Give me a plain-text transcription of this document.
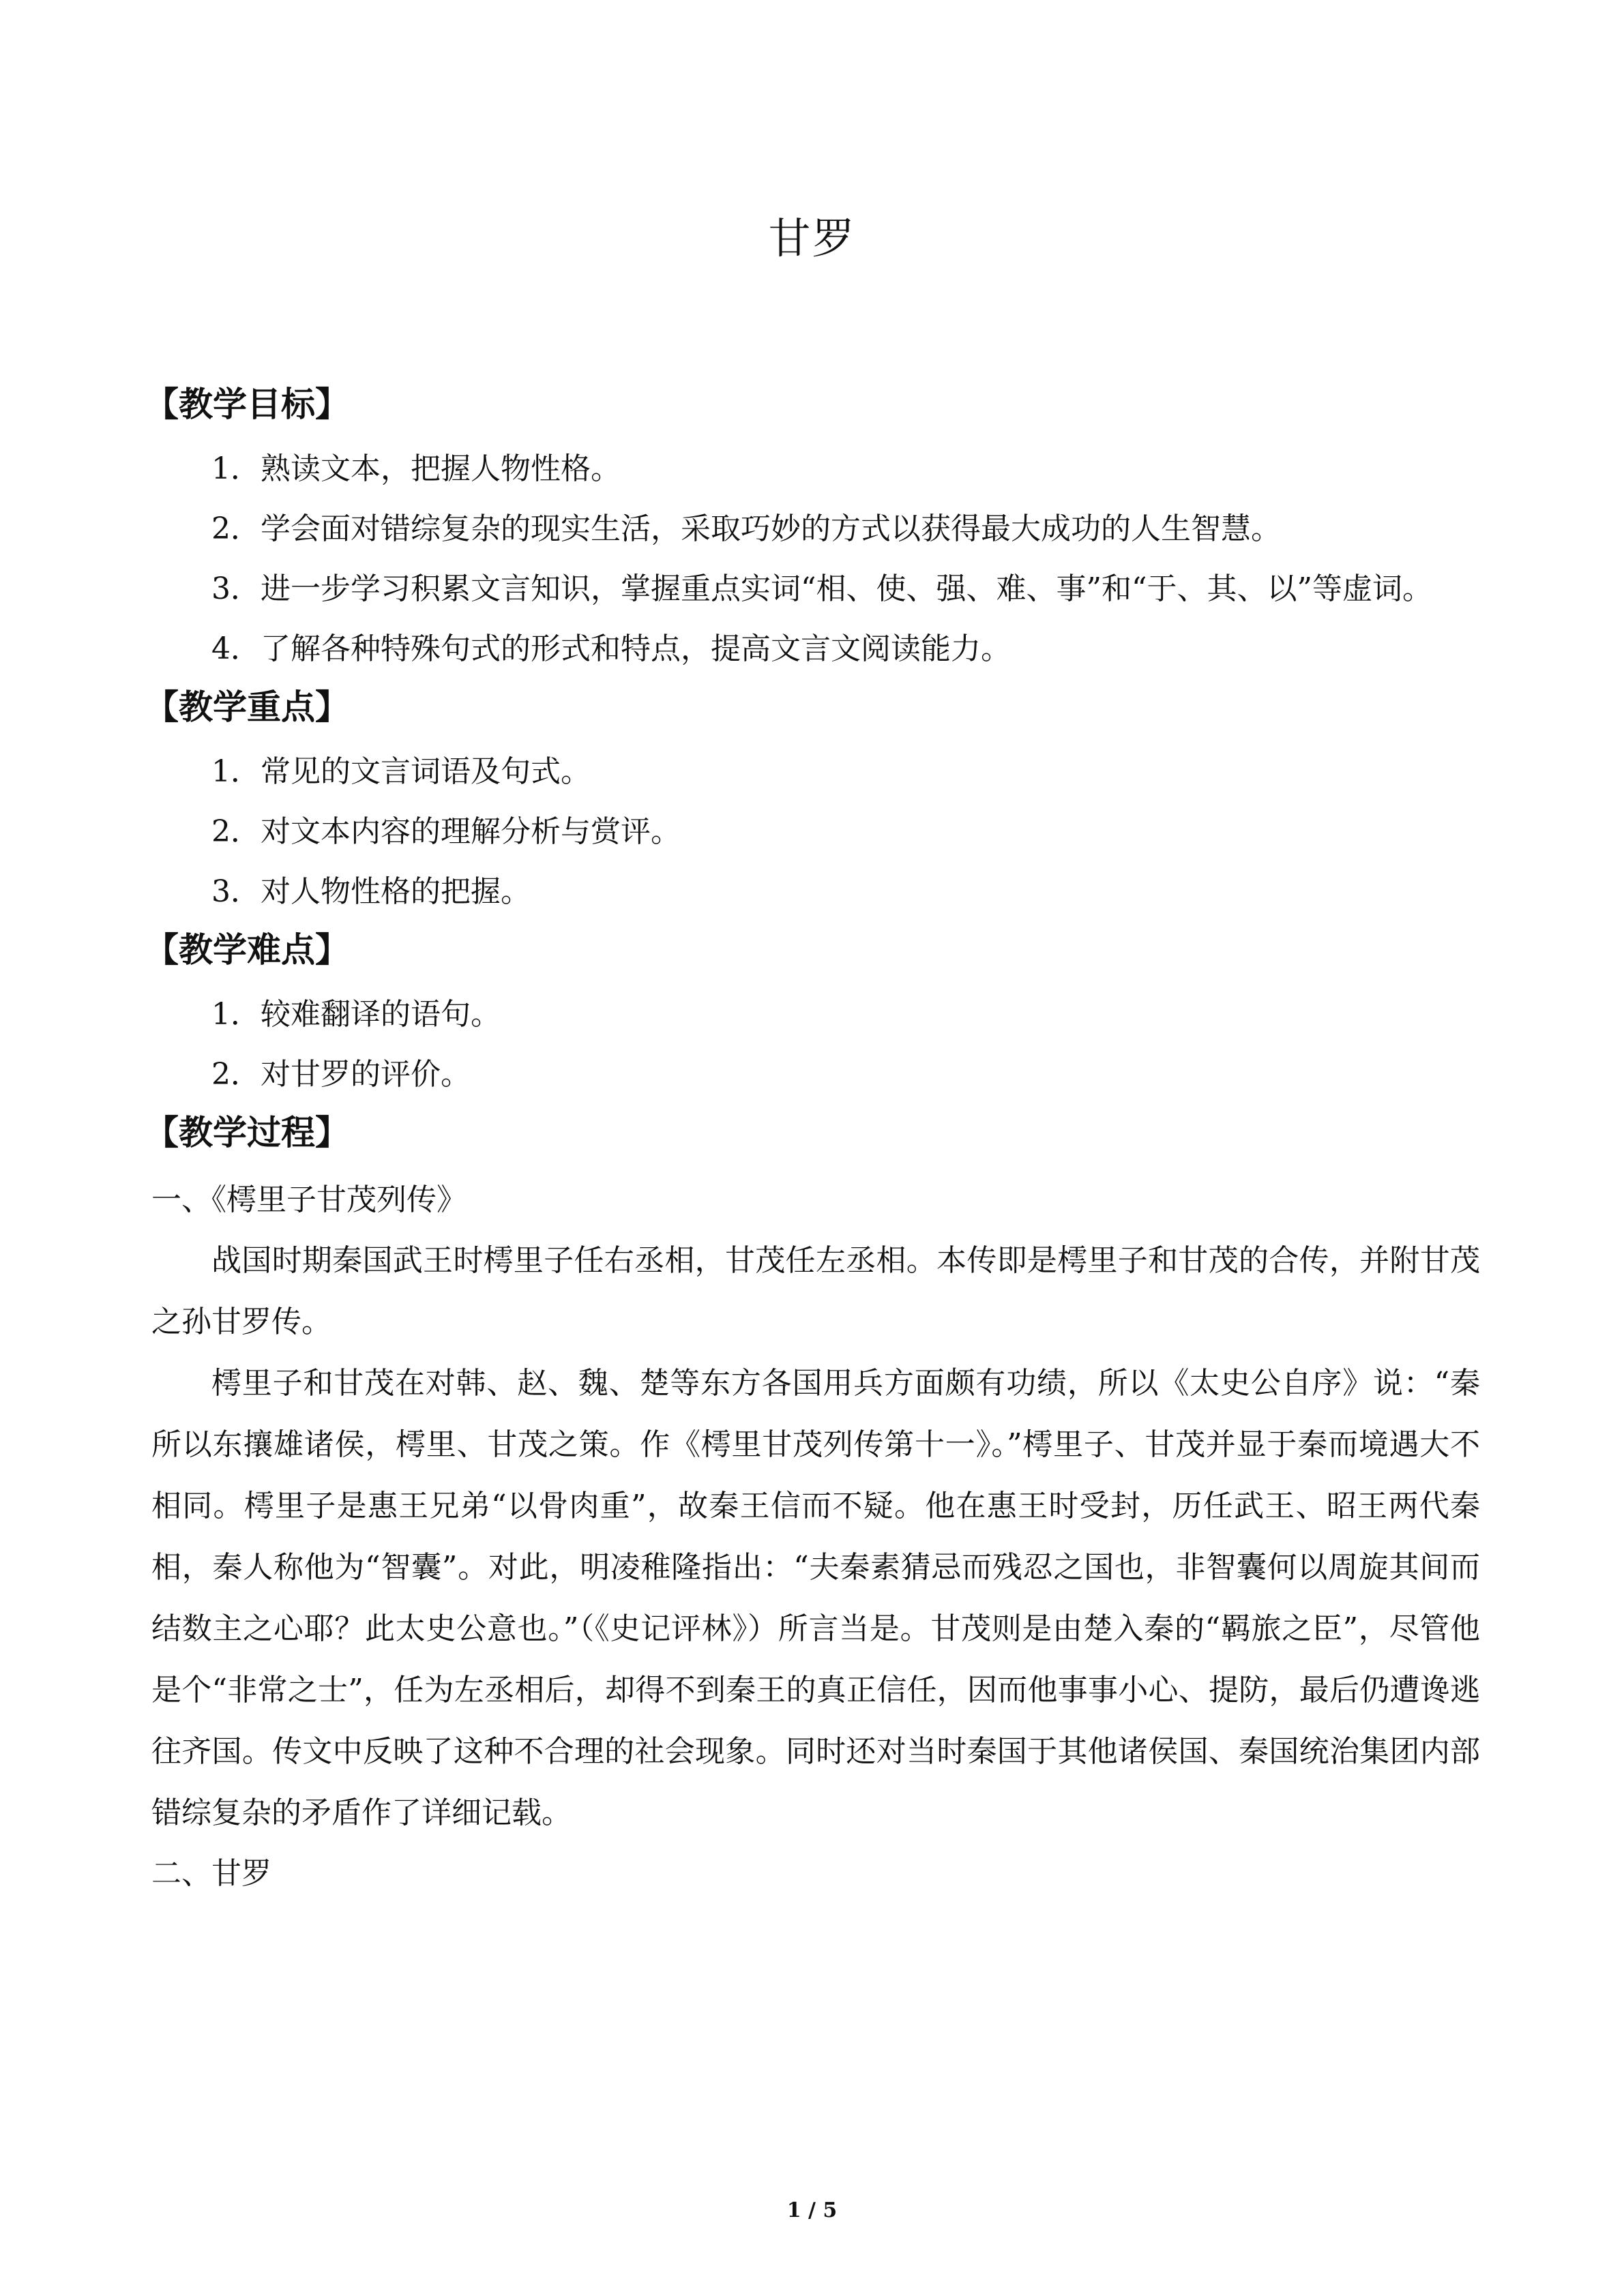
甘罗
【教学目标】
1．熟读文本，把握人物性格。
2．学会面对错综复杂的现实生活，采取巧妙的方式以获得最大成功的人生智慧。
3．进一步学习积累文言知识，掌握重点实词“相、使、强、难、事”和“于、其、以”等虚词。
4．了解各种特殊句式的形式和特点，提高文言文阅读能力。
【教学重点】
1．常见的文言词语及句式。
2．对文本内容的理解分析与赏评。
3．对人物性格的把握。
【教学难点】
1．较难翻译的语句。
2．对甘罗的评价。
【教学过程】
一、《樗里子甘茂列传》
战国时期秦国武王时樗里子任右丞相，甘茂任左丞相。本传即是樗里子和甘茂的合传，并附甘茂之孙甘罗传。
樗里子和甘茂在对韩、赵、魏、楚等东方各国用兵方面颇有功绩，所以《太史公自序》说：“秦所以东攘雄诸侯，樗里、甘茂之策。作《樗里甘茂列传第十一》。”樗里子、甘茂并显于秦而境遇大不相同。樗里子是惠王兄弟“以骨肉重”，故秦王信而不疑。他在惠王时受封，历任武王、昭王两代秦相，秦人称他为“智囊”。对此，明凌稚隆指出：“夫秦素猜忌而残忍之国也，非智囊何以周旋其间而结数主之心耶？此太史公意也。”（《史记评林》）所言当是。甘茂则是由楚入秦的“羁旅之臣”，尽管他是个“非常之士”，任为左丞相后，却得不到秦王的真正信任，因而他事事小心、提防，最后仍遭谗逃往齐国。传文中反映了这种不合理的社会现象。同时还对当时秦国于其他诸侯国、秦国统治集团内部错综复杂的矛盾作了详细记载。
二、甘罗
1 / 5
